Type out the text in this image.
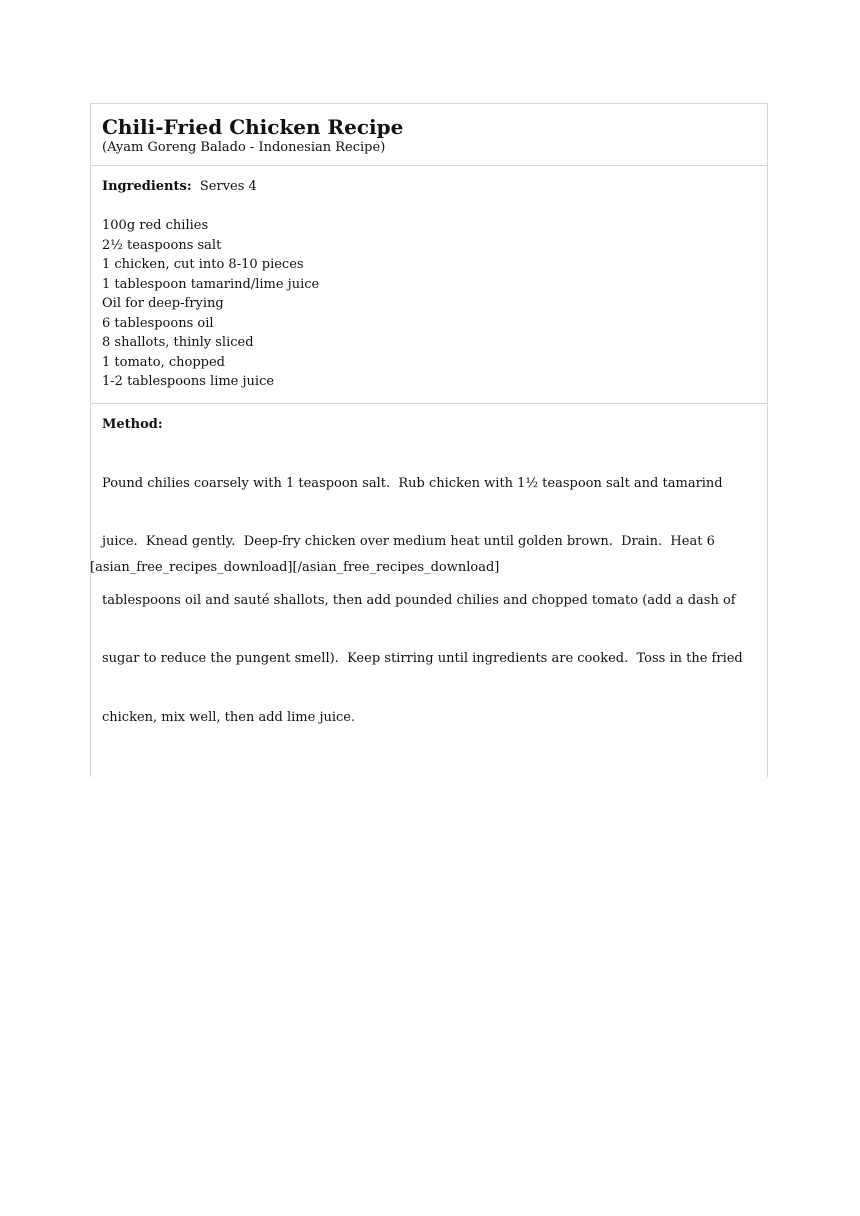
Chili-Fried Chicken Recipe

(Ayam Goreng Balado - Indonesian Recipe)

Ingredients: Serves 4

100g red chilies
2½ teaspoons salt
1 chicken, cut into 8-10 pieces
1 tablespoon tamarind/lime juice
Oil for deep-frying
6 tablespoons oil
8 shallots, thinly sliced
1 tomato, chopped
1-2 tablespoons lime juice

Method:

Pound chilies coarsely with 1 teaspoon salt.  Rub chicken with 1½ teaspoon salt and tamarind

juice.  Knead gently.  Deep-fry chicken over medium heat until golden brown.  Drain.  Heat 6

tablespoons oil and sauté shallots, then add pounded chilies and chopped tomato (add a dash of

sugar to reduce the pungent smell).  Keep stirring until ingredients are cooked.  Toss in the fried

chicken, mix well, then add lime juice.

[asian_free_recipes_download][/asian_free_recipes_download]
